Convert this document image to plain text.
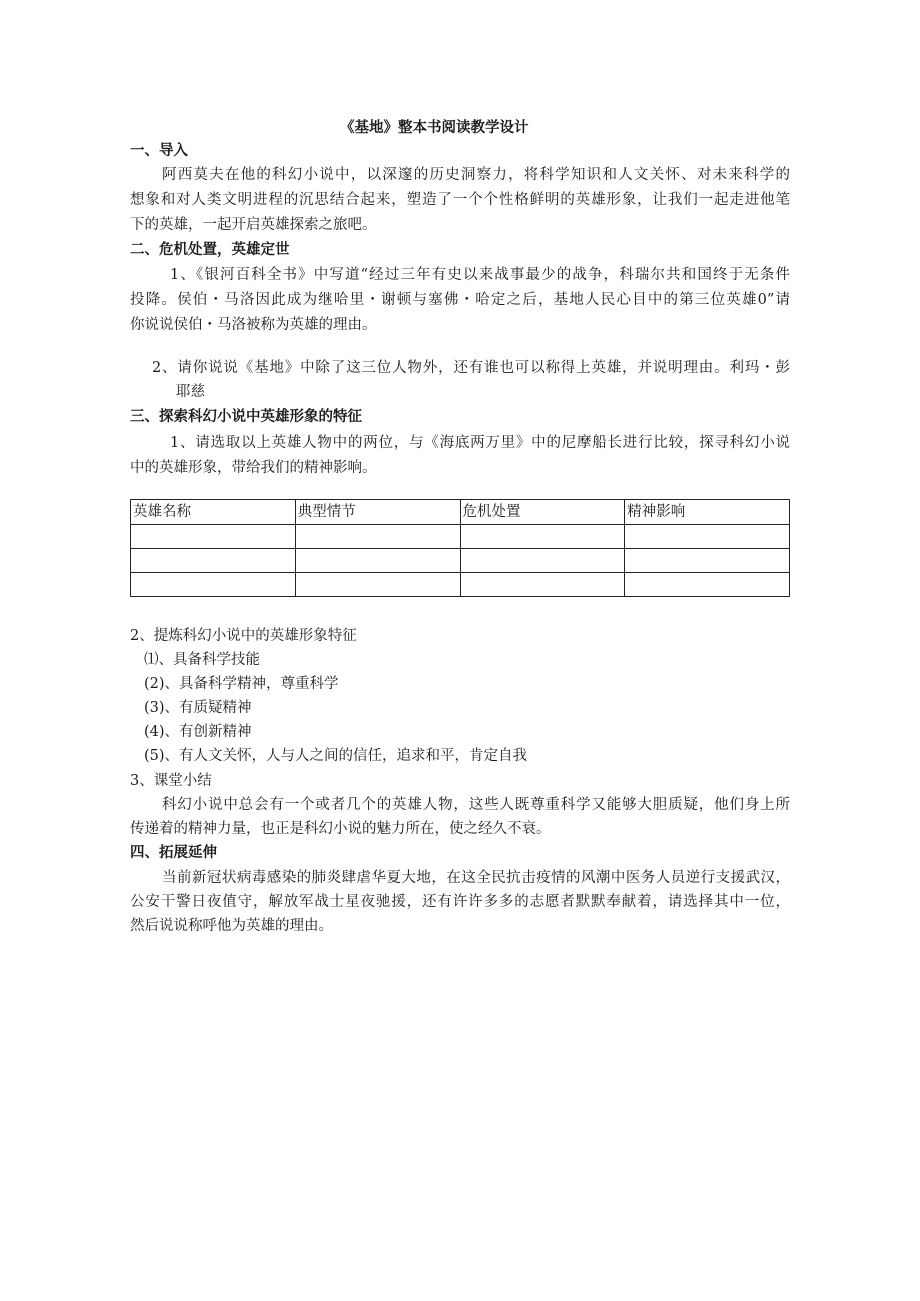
《基地》整本书阅读教学设计
一、导入
阿西莫夫在他的科幻小说中，以深邃的历史洞察力，将科学知识和人文关怀、对未来科学的
想象和对人类文明进程的沉思结合起来，塑造了一个个性格鲜明的英雄形象，让我们一起走进他笔
下的英雄，一起开启英雄探索之旅吧。
二、危机处置，英雄定世
1、《银河百科全书》中写道“经过三年有史以来战事最少的战争，科瑞尔共和国终于无条件
投降。侯伯・马洛因此成为继哈里・谢顿与塞佛・哈定之后，基地人民心目中的第三位英雄0”请
你说说侯伯・马洛被称为英雄的理由。
2、请你说说《基地》中除了这三位人物外，还有谁也可以称得上英雄，并说明理由。利玛・彭
耶慈
三、探索科幻小说中英雄形象的特征
1、请选取以上英雄人物中的两位，与《海底两万里》中的尼摩船长进行比较，探寻科幻小说
中的英雄形象，带给我们的精神影响。
英雄名称	典型情节	危机处置	精神影响

2、提炼科幻小说中的英雄形象特征
⑴、具备科学技能
(2)、具备科学精神，尊重科学
(3)、有质疑精神
(4)、有创新精神
(5)、有人文关怀，人与人之间的信任，追求和平，肯定自我
3、课堂小结
科幻小说中总会有一个或者几个的英雄人物，这些人既尊重科学又能够大胆质疑，他们身上所
传递着的精神力量，也正是科幻小说的魅力所在，使之经久不衰。
四、拓展延伸
当前新冠状病毒感染的肺炎肆虐华夏大地，在这全民抗击疫情的风潮中医务人员逆行支援武汉，
公安干警日夜值守，解放军战士星夜驰援，还有许许多多的志愿者默默奉献着，请选择其中一位，
然后说说称呼他为英雄的理由。
